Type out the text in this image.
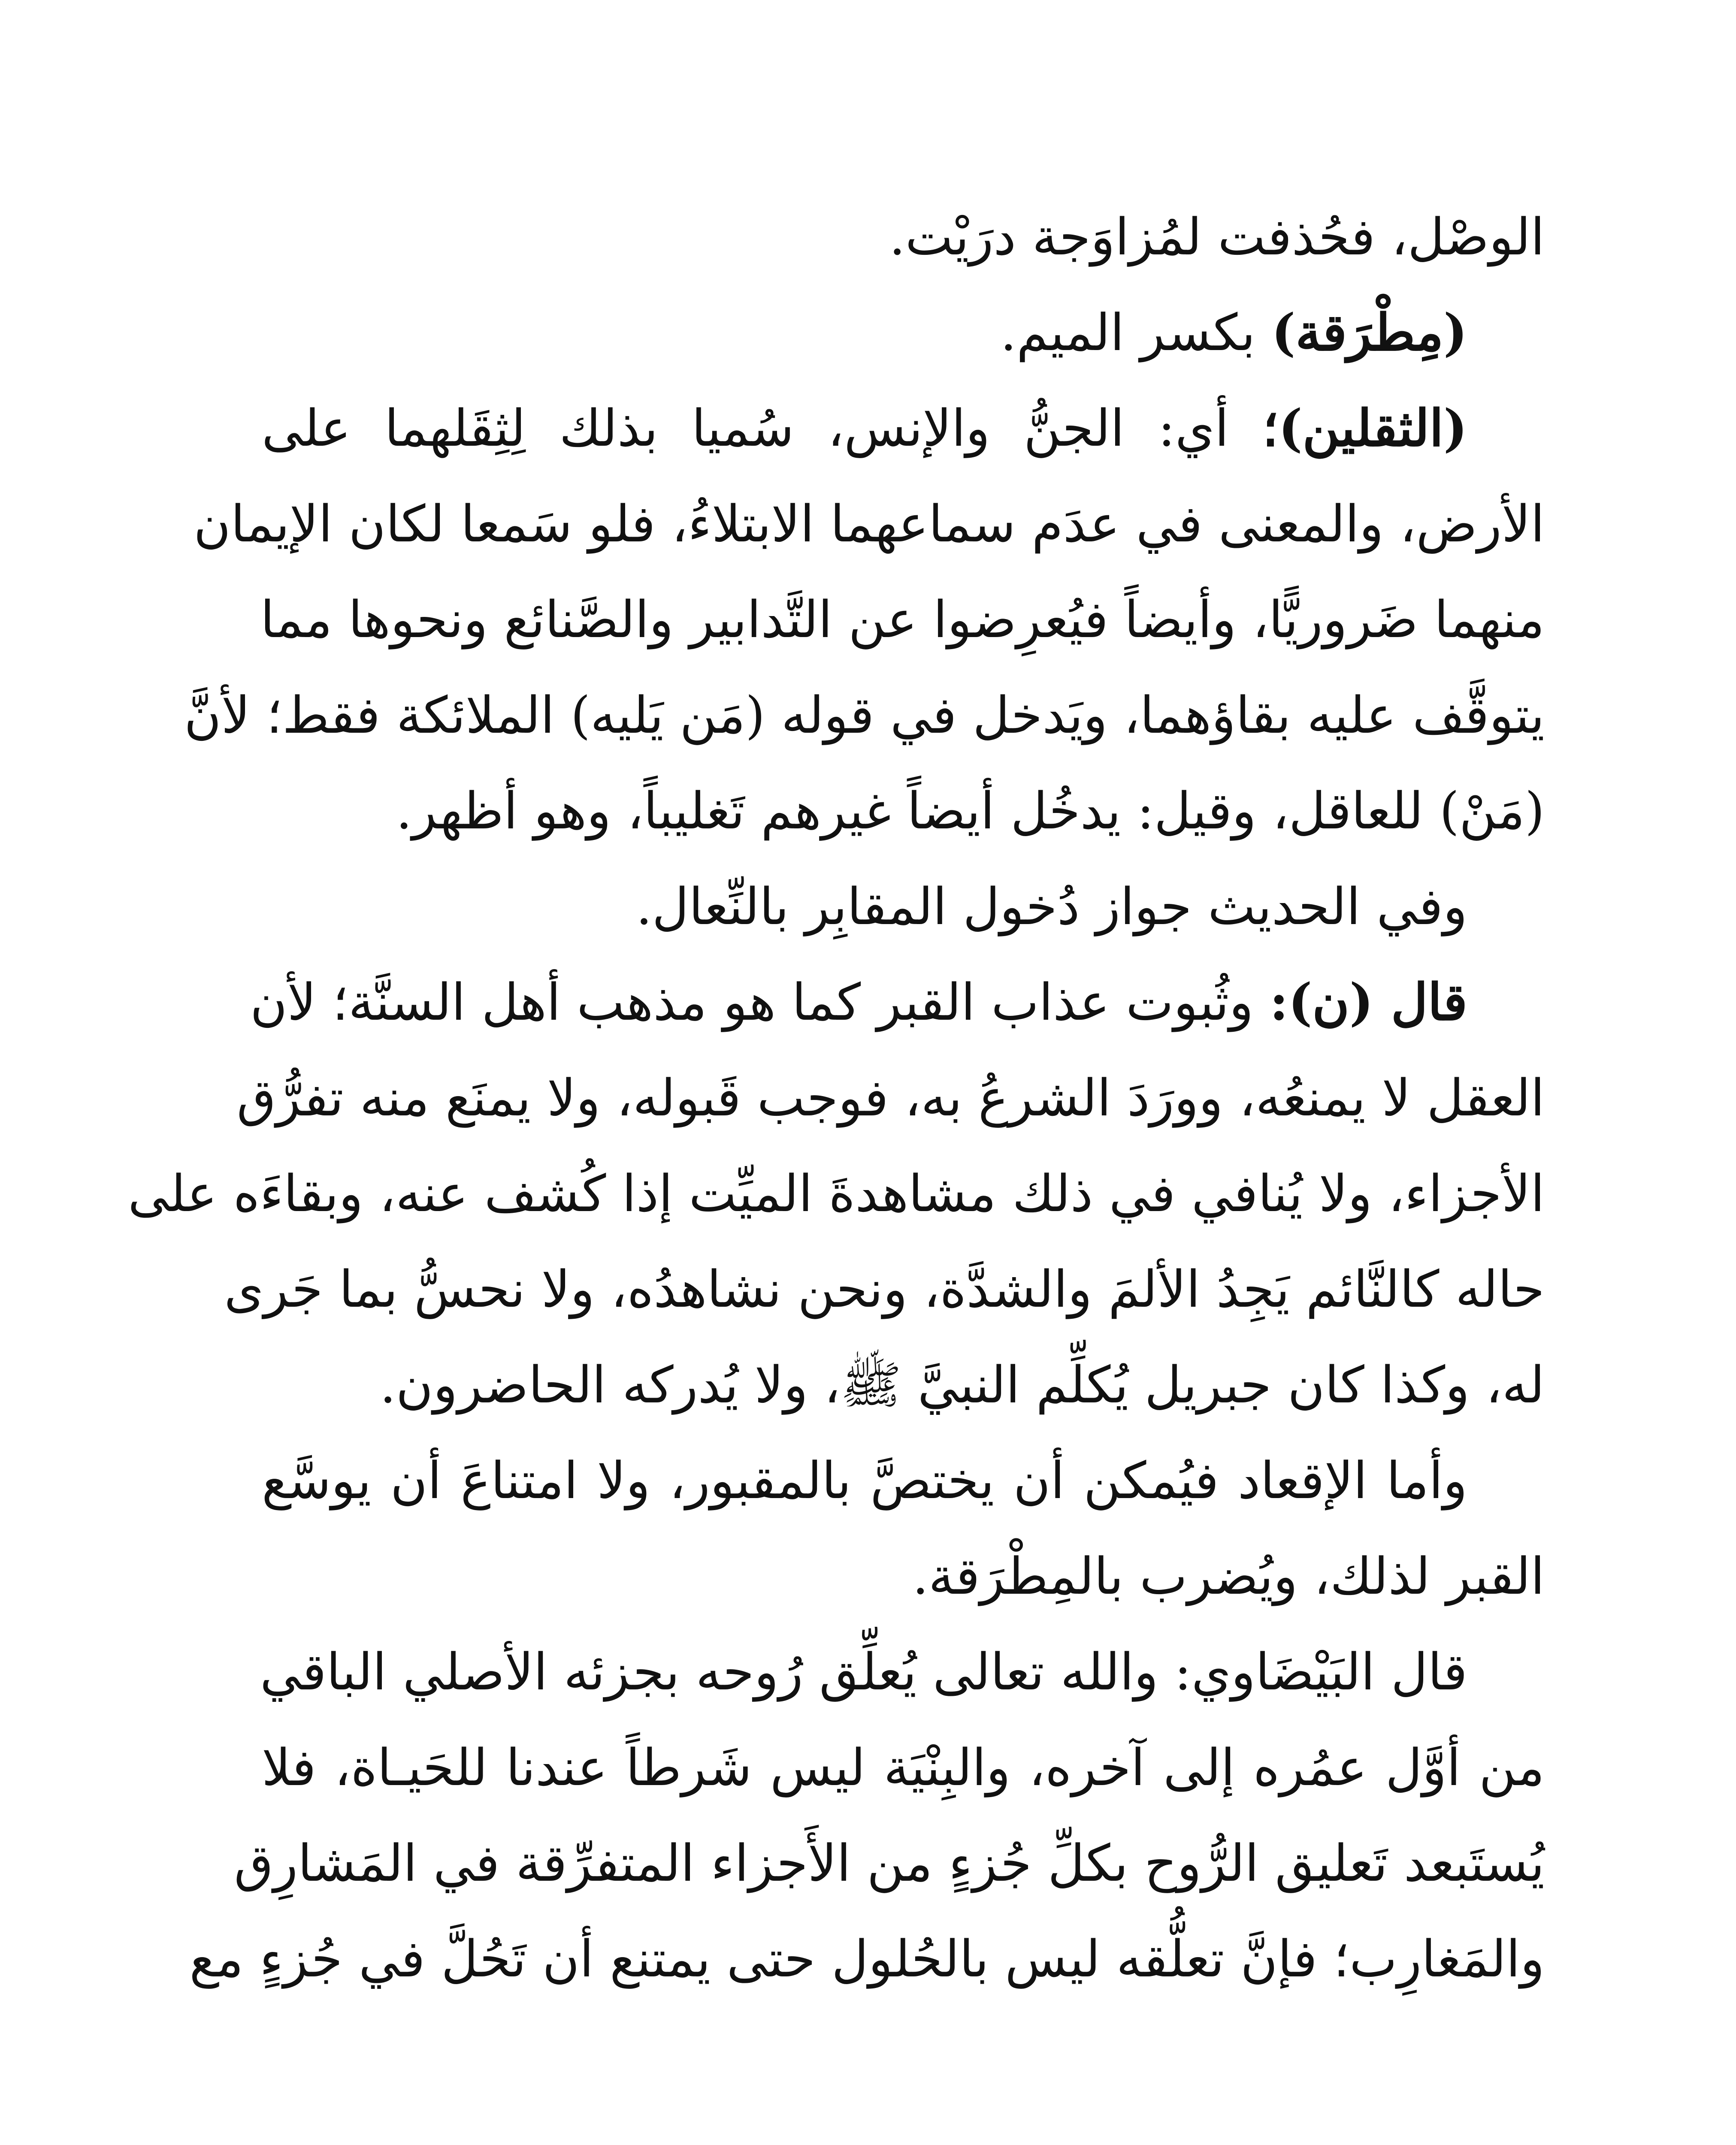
الوصْل، فحُذفت لمُزاوَجة درَيْت.
(مِطْرَقة) بكسر الميم.
(الثقلين)؛ أي: الجنُّ والإنس، سُميا بذلك لِثِقَلهما على
الأرض، والمعنى في عدَم سماعهما الابتلاءُ، فلو سَمعا لكان الإيمان
منهما ضَروريًّا، وأيضاً فيُعرِضوا عن التَّدابير والصَّنائع ونحوها مما
يتوقَّف عليه بقاؤهما، ويَدخل في قوله (مَن يَليه) الملائكة فقط؛ لأنَّ
(مَنْ) للعاقل، وقيل: يدخُل أيضاً غيرهم تَغليباً، وهو أظهر.
وفي الحديث جواز دُخول المقابِر بالنِّعال.
قال (ن): وثُبوت عذاب القبر كما هو مذهب أهل السنَّة؛ لأن
العقل لا يمنعُه، وورَدَ الشرعُ به، فوجب قَبوله، ولا يمنَع منه تفرُّق
الأجزاء، ولا يُنافي في ذلك مشاهدةَ الميِّت إذا كُشف عنه، وبقاءَه على
حاله كالنَّائم يَجِدُ الألمَ والشدَّة، ونحن نشاهدُه، ولا نحسُّ بما جَرى
له، وكذا كان جبريل يُكلِّم النبيَّ ﷺ، ولا يُدركه الحاضرون.
وأما الإقعاد فيُمكن أن يختصَّ بالمقبور، ولا امتناعَ أن يوسَّع
القبر لذلك، ويُضرب بالمِطْرَقة.
قال البَيْضَاوي: والله تعالى يُعلِّق رُوحه بجزئه الأصلي الباقي
من أوَّل عمُره إلى آخره، والبِنْيَة ليس شَرطاً عندنا للحَيـاة، فلا
يُستَبعد تَعليق الرُّوح بكلِّ جُزءٍ من الأَجزاء المتفرِّقة في المَشارِق
والمَغارِب؛ فإنَّ تعلُّقه ليس بالحُلول حتى يمتنع أن تَحُلَّ في جُزءٍ مع
